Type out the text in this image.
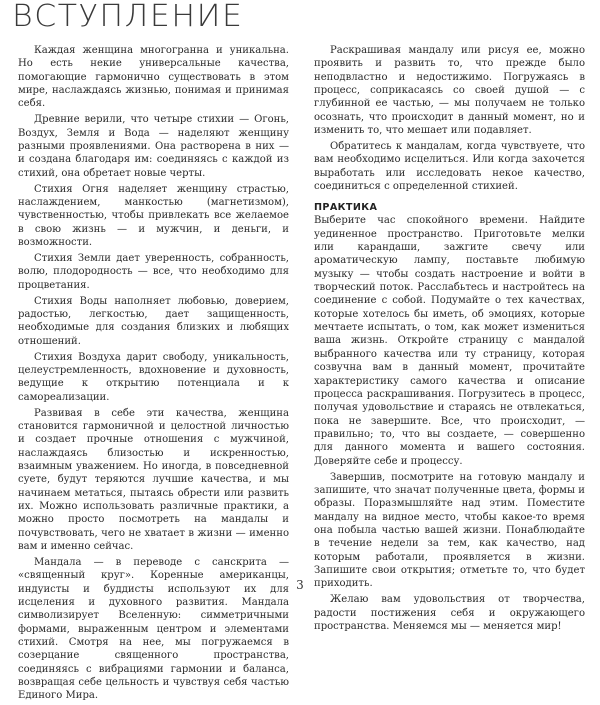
ВСТУПЛЕНИЕ

Каждая женщина многогранна и уникальна. Но есть некие универсальные качества, помогающие гармонично существовать в этом мире, наслаждаясь жизнью, понимая и принимая себя.

Древние верили, что четыре стихии — Огонь, Воздух, Земля и Вода — наделяют женщину разными проявлениями. Она растворена в них — и создана благодаря им: соединяясь с каждой из стихий, она обретает новые черты.

Стихия Огня наделяет женщину страстью, наслаждением, манкостью (магнетизмом), чувственностью, чтобы привлекать все желаемое в свою жизнь — и мужчин, и деньги, и возможности.

Стихия Земли дает уверенность, собранность, волю, плодородность — все, что необходимо для процветания.

Стихия Воды наполняет любовью, доверием, радостью, легкостью, дает защищенность, необходимые для создания близких и любящих отношений.

Стихия Воздуха дарит свободу, уникальность, целеустремленность, вдохновение и духовность, ведущие к открытию потенциала и к самореализации.

Развивая в себе эти качества, женщина становится гармоничной и целостной личностью и создает прочные отношения с мужчиной, наслаждаясь близостью и искренностью, взаимным уважением. Но иногда, в повседневной суете, будут теряются лучшие качества, и мы начинаем метаться, пытаясь обрести или развить их. Можно использовать различные практики, а можно просто посмотреть на мандалы и почувствовать, чего не хватает в жизни — именно вам и именно сейчас.

Мандала — в переводе с санскрита — «священный круг». Коренные американцы, индуисты и буддисты используют их для исцеления и духовного развития. Мандала символизирует Вселенную: симметричными формами, выраженным центром и элементами стихий. Смотря на нее, мы погружаемся в созерцание священного пространства, соединяясь с вибрациями гармонии и баланса, возвращая себе цельность и чувствуя себя частью Единого Мира.

Раскрашивая мандалу или рисуя ее, можно проявить и развить то, что прежде было неподвластно и недостижимо. Погружаясь в процесс, соприкасаясь со своей душой — с глубинной ее частью, — мы получаем не только осознать, что происходит в данный момент, но и изменить то, что мешает или подавляет.

Обратитесь к мандалам, когда чувствуете, что вам необходимо исцелиться. Или когда захочется выработать или исследовать некое качество, соединиться с определенной стихией.

ПРАКТИКА

Выберите час спокойного времени. Найдите уединенное пространство. Приготовьте мелки или карандаши, зажгите свечу или ароматическую лампу, поставьте любимую музыку — чтобы создать настроение и войти в творческий поток. Расслабьтесь и настройтесь на соединение с собой. Подумайте о тех качествах, которые хотелось бы иметь, об эмоциях, которые мечтаете испытать, о том, как может измениться ваша жизнь. Откройте страницу с мандалой выбранного качества или ту страницу, которая созвучна вам в данный момент, прочитайте характеристику самого качества и описание процесса раскрашивания. Погрузитесь в процесс, получая удовольствие и стараясь не отвлекаться, пока не завершите. Все, что происходит, — правильно; то, что вы создаете, — совершенно для данного момента и вашего состояния. Доверяйте себе и процессу.

Завершив, посмотрите на готовую мандалу и запишите, что значат полученные цвета, формы и образы. Поразмышляйте над этим. Поместите мандалу на видное место, чтобы какое-то время она побыла частью вашей жизни. Понаблюдайте в течение недели за тем, как качество, над которым работали, проявляется в жизни. Запишите свои открытия; отметьте то, что будет приходить.

Желаю вам удовольствия от творчества, радости постижения себя и окружающего пространства. Меняемся мы — меняется мир!

3
